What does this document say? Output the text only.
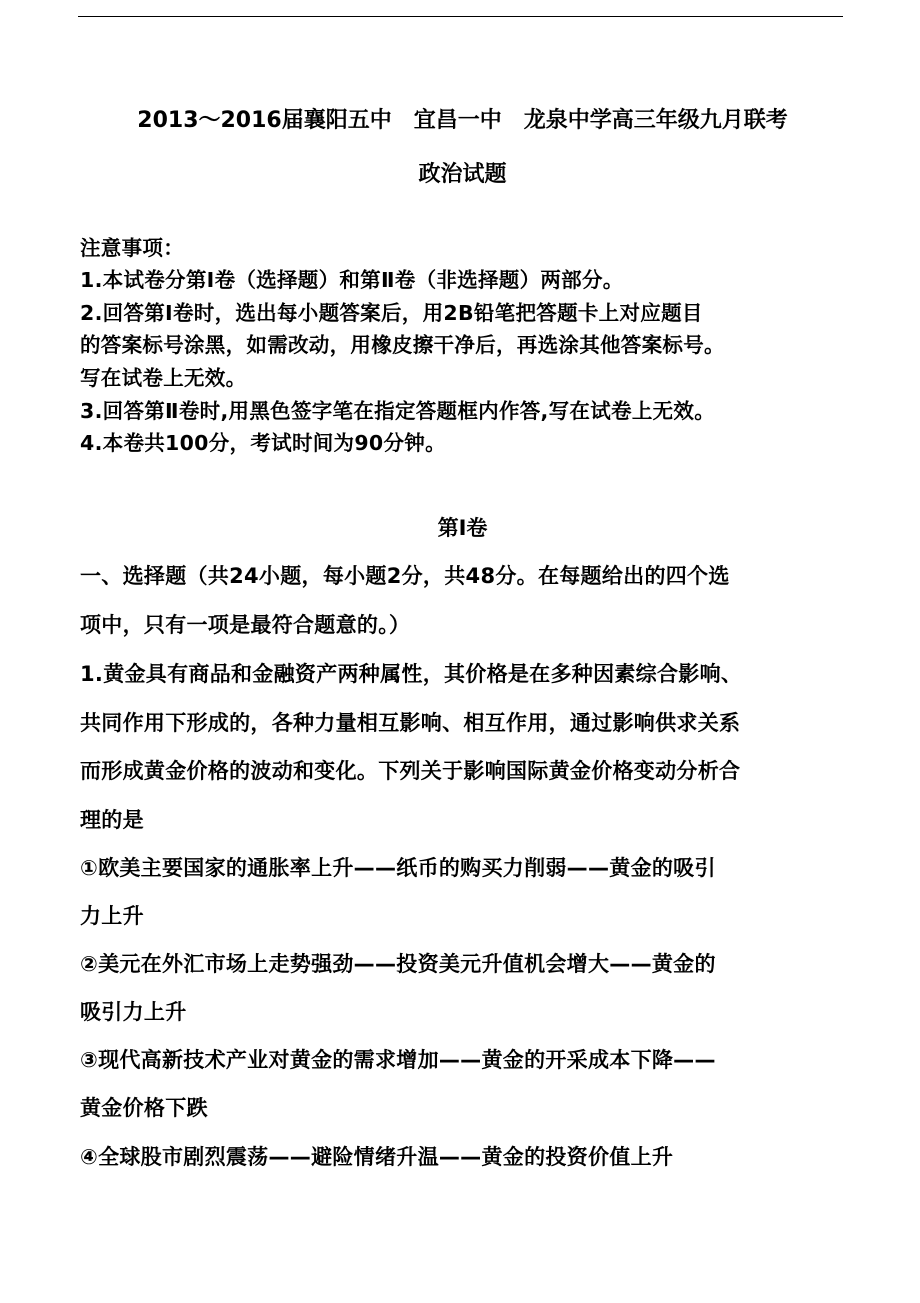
2013～2016届襄阳五中　宜昌一中　龙泉中学高三年级九月联考
政治试题
注意事项：
1.本试卷分第Ⅰ卷（选择题）和第Ⅱ卷（非选择题）两部分。
2.回答第Ⅰ卷时，选出每小题答案后，用2B铅笔把答题卡上对应题目
的答案标号涂黑，如需改动，用橡皮擦干净后，再选涂其他答案标号。
写在试卷上无效。
3.回答第Ⅱ卷时,用黑色签字笔在指定答题框内作答,写在试卷上无效。
4.本卷共100分，考试时间为90分钟。
第Ⅰ卷
一、选择题（共24小题，每小题2分，共48分。在每题给出的四个选
项中，只有一项是最符合题意的。）
1.黄金具有商品和金融资产两种属性，其价格是在多种因素综合影响、
共同作用下形成的，各种力量相互影响、相互作用，通过影响供求关系
而形成黄金价格的波动和变化。下列关于影响国际黄金价格变动分析合
理的是
①欧美主要国家的通胀率上升——纸币的购买力削弱——黄金的吸引
力上升
②美元在外汇市场上走势强劲——投资美元升值机会增大——黄金的
吸引力上升
③现代高新技术产业对黄金的需求增加——黄金的开采成本下降——
黄金价格下跌
④全球股市剧烈震荡——避险情绪升温——黄金的投资价值上升
